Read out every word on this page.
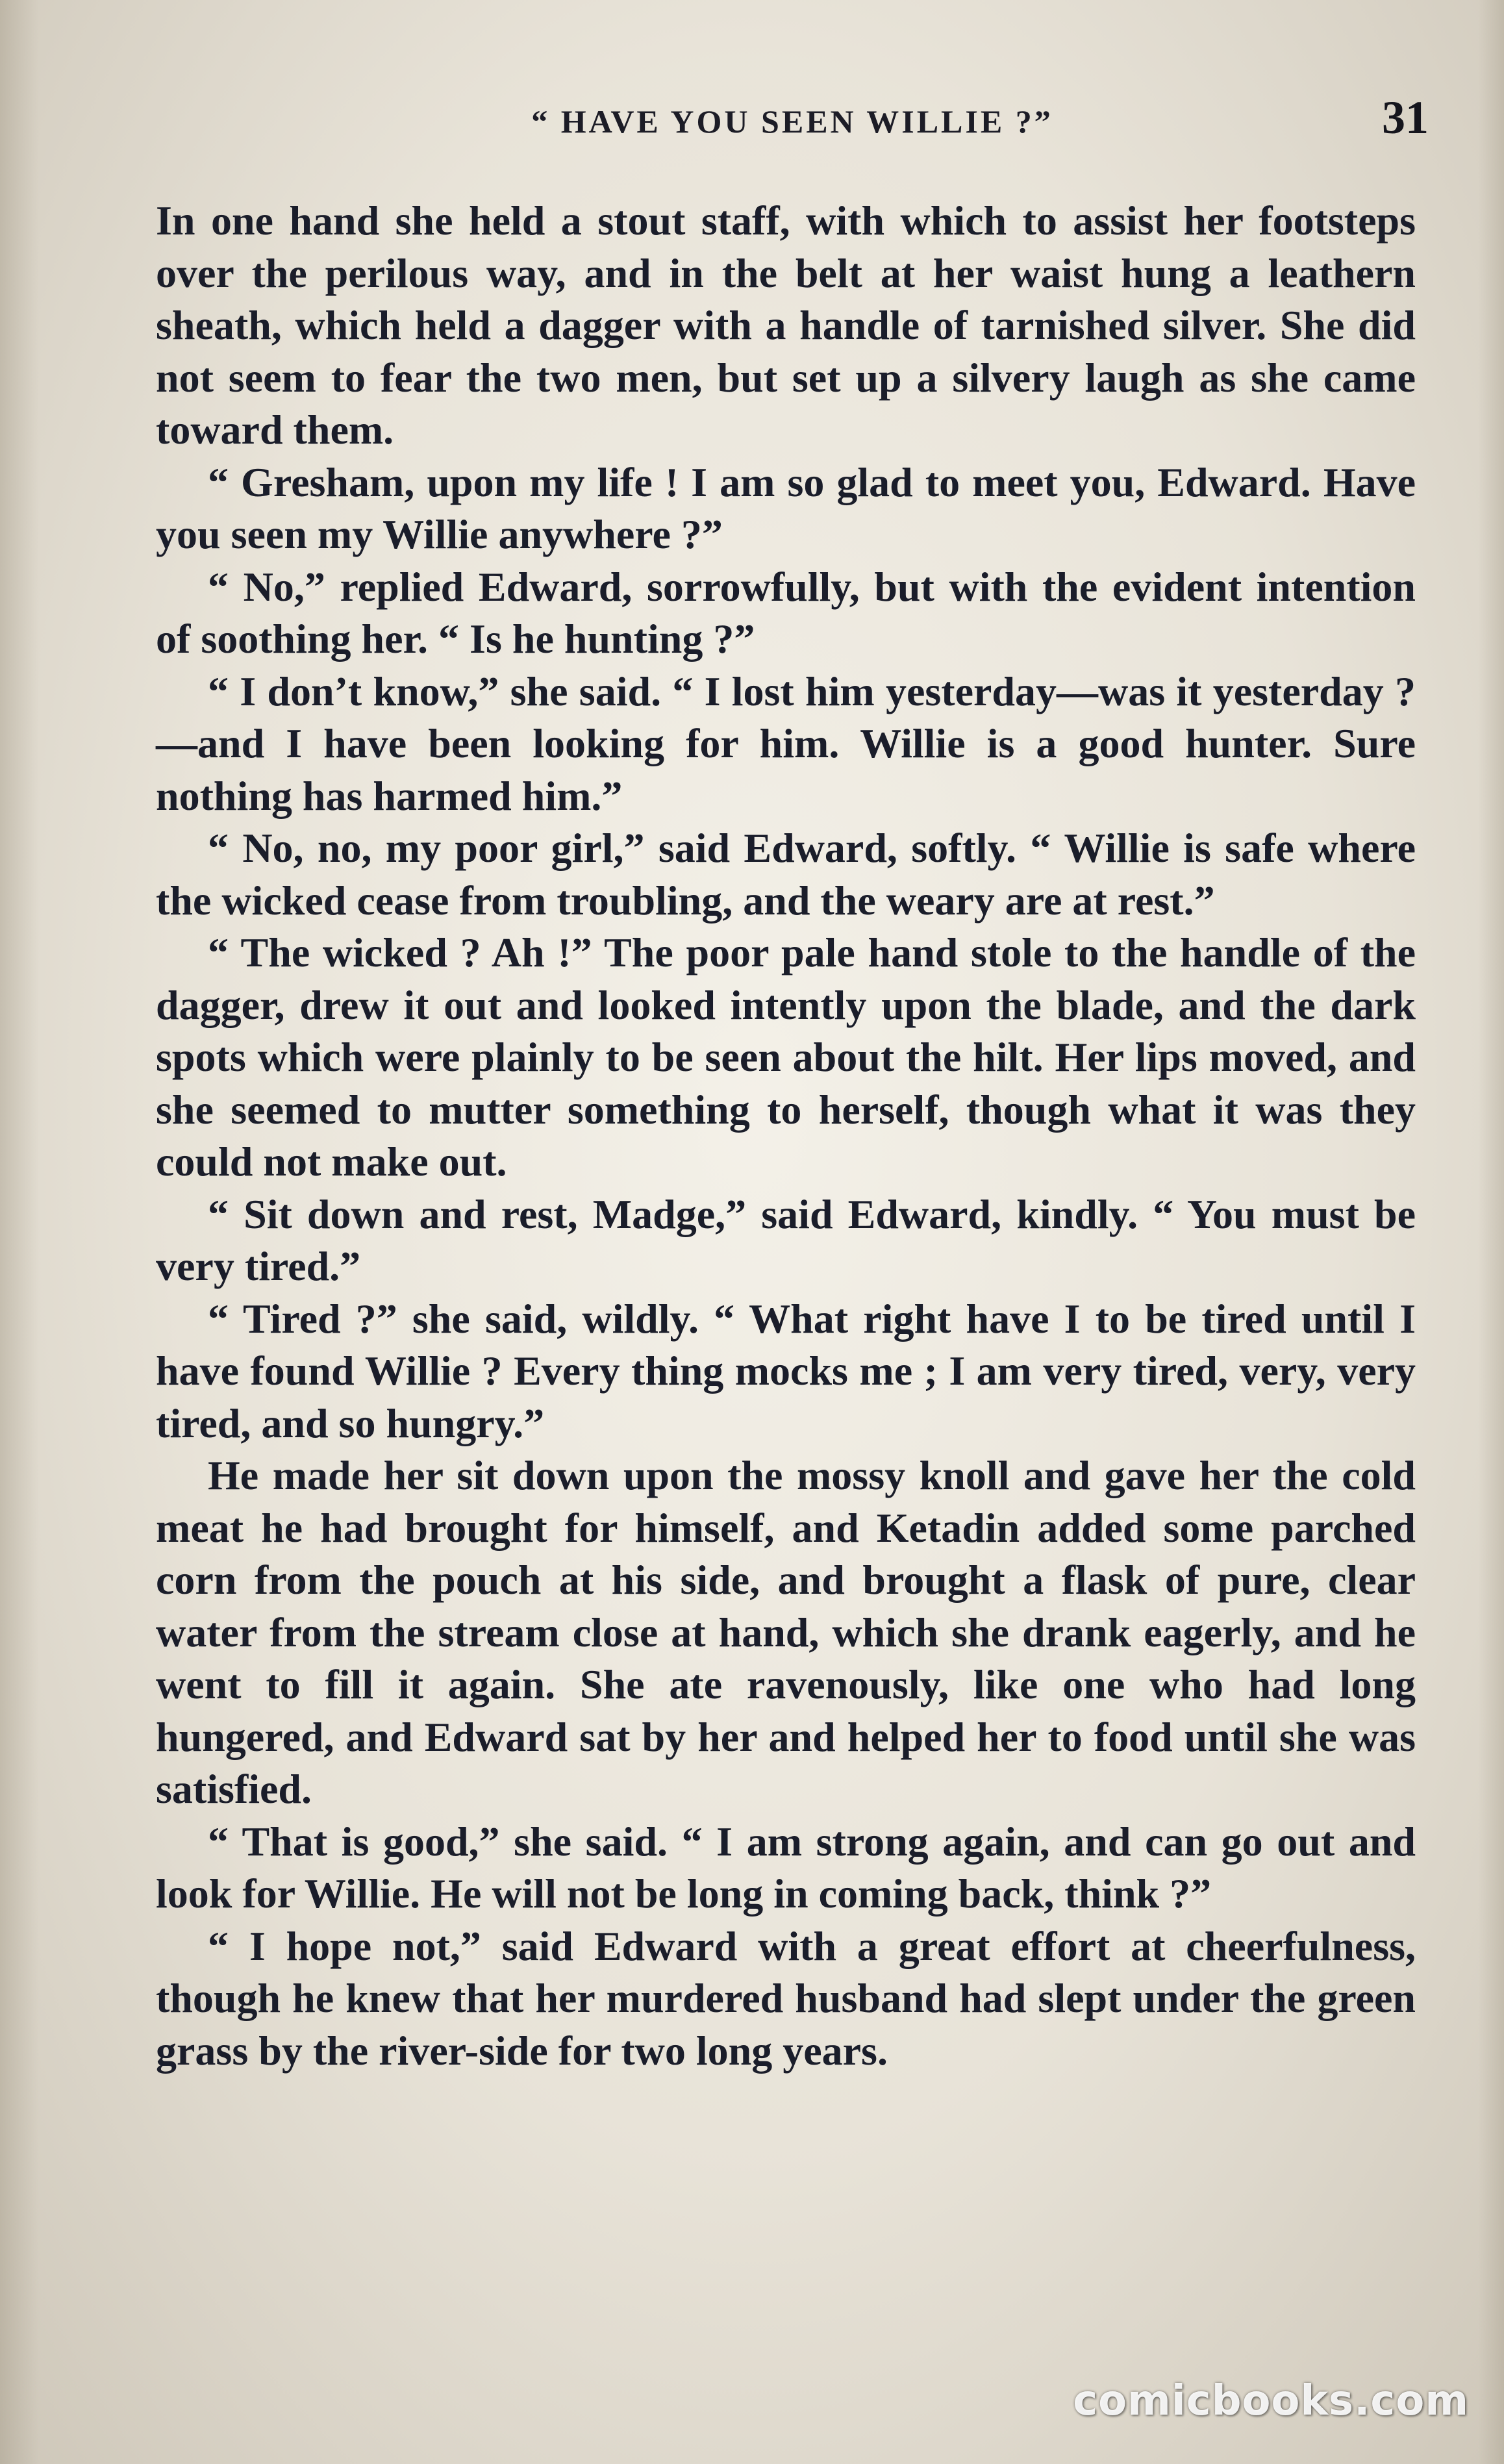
“ HAVE YOU SEEN WILLIE ?”	31

In one hand she held a stout staff, with which to assist her footsteps over the perilous way, and in the belt at her waist hung a leathern sheath, which held a dagger with a handle of tarnished silver. She did not seem to fear the two men, but set up a silvery laugh as she came toward them.

“ Gresham, upon my life ! I am so glad to meet you, Edward. Have you seen my Willie anywhere ?”

“ No,” replied Edward, sorrowfully, but with the evident intention of soothing her. “ Is he hunting ?”

“ I don’t know,” she said. “ I lost him yesterday—was it yesterday ?—and I have been looking for him. Willie is a good hunter. Sure nothing has harmed him.”

“ No, no, my poor girl,” said Edward, softly. “ Willie is safe where the wicked cease from troubling, and the weary are at rest.”

“ The wicked ? Ah !” The poor pale hand stole to the handle of the dagger, drew it out and looked intently upon the blade, and the dark spots which were plainly to be seen about the hilt. Her lips moved, and she seemed to mutter something to herself, though what it was they could not make out.

“ Sit down and rest, Madge,” said Edward, kindly. “ You must be very tired.”

“ Tired ?” she said, wildly. “ What right have I to be tired until I have found Willie ? Every thing mocks me ; I am very tired, very, very tired, and so hungry.”

He made her sit down upon the mossy knoll and gave her the cold meat he had brought for himself, and Ketadin added some parched corn from the pouch at his side, and brought a flask of pure, clear water from the stream close at hand, which she drank eagerly, and he went to fill it again. She ate ravenously, like one who had long hungered, and Edward sat by her and helped her to food until she was satisfied.

“ That is good,” she said. “ I am strong again, and can go out and look for Willie. He will not be long in coming back, think ?”

“ I hope not,” said Edward with a great effort at cheerfulness, though he knew that her murdered husband had slept under the green grass by the river-side for two long years.

comicbooks.com
